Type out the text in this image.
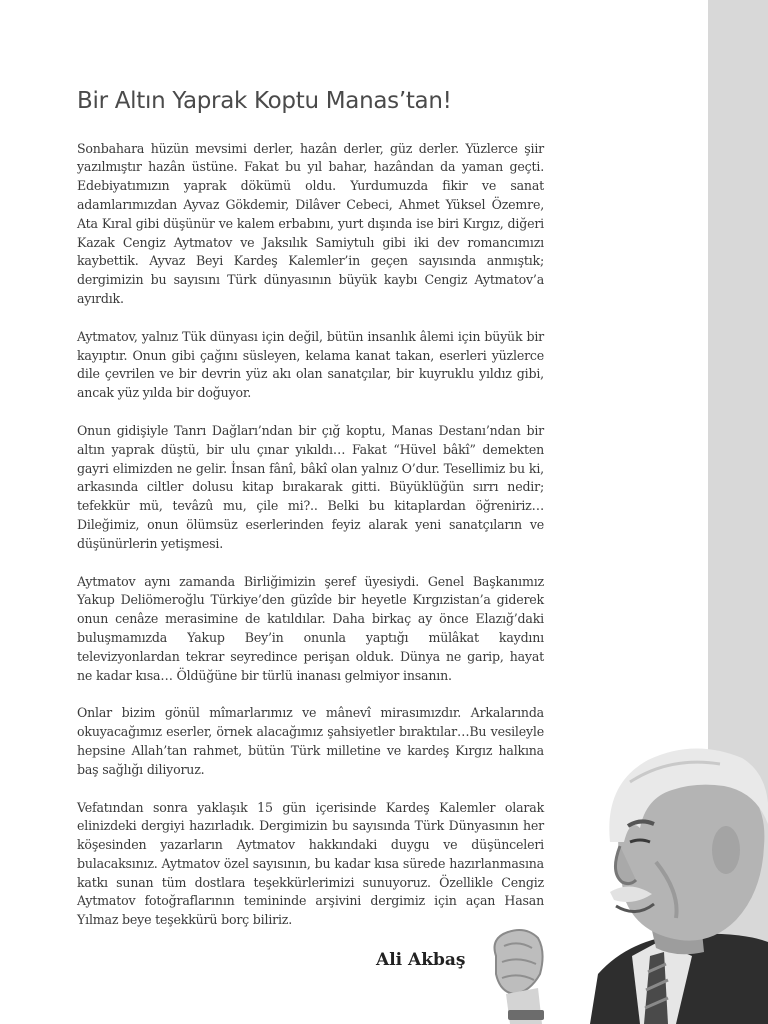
Bir Altın Yaprak Koptu Manas’tan!

Sonbahara hüzün mevsimi derler, hazân derler, güz derler. Yüzlerce şiir yazılmıştır hazân üstüne. Fakat bu yıl bahar, hazândan da yaman geçti. Edebiyatımızın yaprak dökümü oldu. Yurdumuzda fikir ve sanat adamlarımızdan Ayvaz Gökdemir, Dilâver Cebeci, Ahmet Yüksel Özemre, Ata Kıral gibi düşünür ve kalem erbabını, yurt dışında ise biri Kırgız, diğeri Kazak Cengiz Aytmatov ve Jaksılık Samiytulı gibi iki dev romancımızı kaybettik. Ayvaz Beyi Kardeş Kalemler’in geçen sayısında anmıştık; dergimizin bu sayısını Türk dünyasının büyük kaybı Cengiz Aytmatov’a ayırdık.

Aytmatov, yalnız Tük dünyası için değil, bütün insanlık âlemi için büyük bir kayıptır. Onun gibi çağını süsleyen, kelama kanat takan, eserleri yüzlerce dile çevrilen ve bir devrin yüz akı olan sanatçılar, bir kuyruklu yıldız gibi, ancak yüz yılda bir doğuyor.

Onun gidişiyle Tanrı Dağları’ndan bir çığ koptu, Manas Destanı’ndan bir altın yaprak düştü, bir ulu çınar yıkıldı… Fakat “Hüvel bâkî” demekten gayri elimizden ne gelir. İnsan fânî, bâkî olan yalnız O’dur. Tesellimiz bu ki, arkasında ciltler dolusu kitap bırakarak gitti. Büyüklüğün sırrı nedir; tefekkür mü, tevâzû mu, çile mi?.. Belki bu kitaplardan öğreniriz… Dileğimiz, onun ölümsüz eserlerinden feyiz alarak yeni sanatçıların ve düşünürlerin yetişmesi.

Aytmatov aynı zamanda Birliğimizin şeref üyesiydi. Genel Başkanımız Yakup Deliömeroğlu Türkiye’den güzîde bir heyetle Kırgızistan’a giderek onun cenâze merasimine de katıldılar. Daha birkaç ay önce Elazığ’daki buluşmamızda Yakup Bey’in onunla yaptığı mülâkat kaydını televizyonlardan tekrar seyredince perişan olduk. Dünya ne garip, hayat ne kadar kısa… Öldüğüne bir türlü inanası gelmiyor insanın.

Onlar bizim gönül mîmarlarımız ve mânevî mirasımızdır. Arkalarında okuyacağımız eserler, örnek alacağımız şahsiyetler bıraktılar…Bu vesileyle hepsine Allah’tan rahmet, bütün Türk milletine ve kardeş Kırgız halkına baş sağlığı diliyoruz.

Vefatından sonra yaklaşık 15 gün içerisinde Kardeş Kalemler olarak elinizdeki dergiyi hazırladık. Dergimizin bu sayısında Türk Dünyasının her köşesinden yazarların Aytmatov hakkındaki duygu ve düşünceleri bulacaksınız. Aytmatov özel sayısının, bu kadar kısa sürede hazırlanmasına katkı sunan tüm dostlara teşekkürlerimizi sunuyoruz. Özellikle Cengiz Aytmatov fotoğraflarının temininde arşivini dergimiz için açan Hasan Yılmaz beye teşekkürü borç biliriz.

Ali Akbaş
